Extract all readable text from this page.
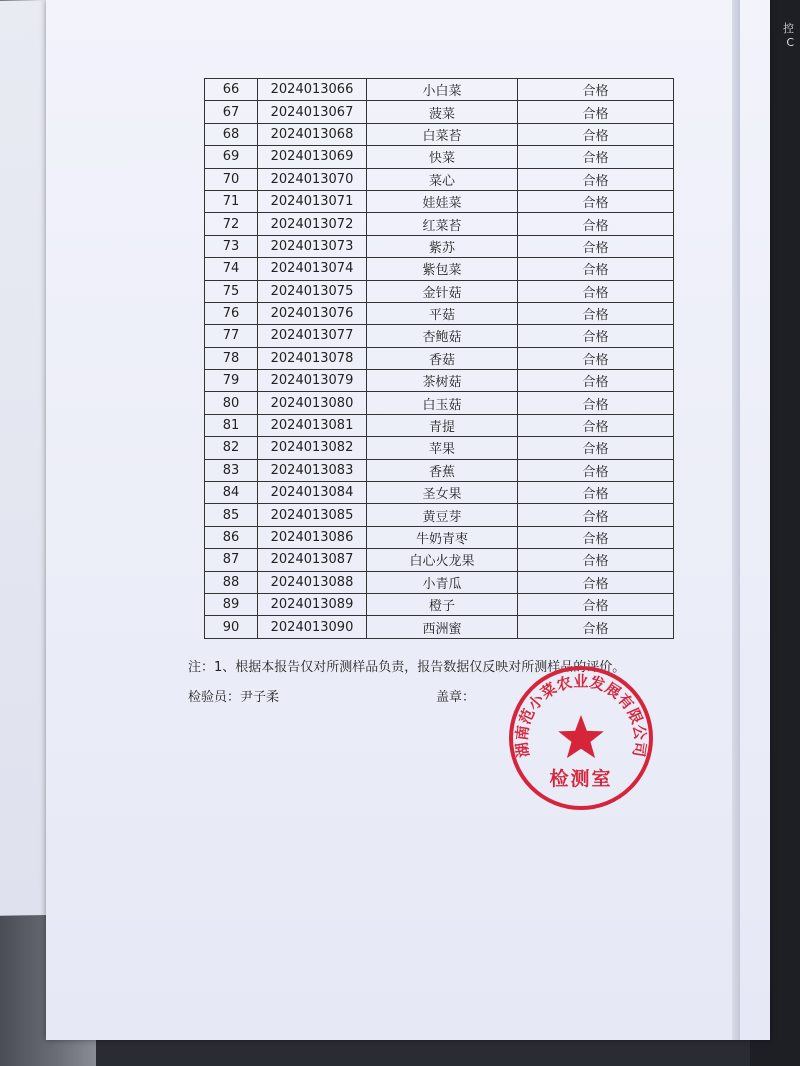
控
C
66	2024013066	小白菜	合格
67	2024013067	菠菜	合格
68	2024013068	白菜苔	合格
69	2024013069	快菜	合格
70	2024013070	菜心	合格
71	2024013071	娃娃菜	合格
72	2024013072	红菜苔	合格
73	2024013073	紫苏	合格
74	2024013074	紫包菜	合格
75	2024013075	金针菇	合格
76	2024013076	平菇	合格
77	2024013077	杏鲍菇	合格
78	2024013078	香菇	合格
79	2024013079	茶树菇	合格
80	2024013080	白玉菇	合格
81	2024013081	青提	合格
82	2024013082	苹果	合格
83	2024013083	香蕉	合格
84	2024013084	圣女果	合格
85	2024013085	黄豆芽	合格
86	2024013086	牛奶青枣	合格
87	2024013087	白心火龙果	合格
88	2024013088	小青瓜	合格
89	2024013089	橙子	合格
90	2024013090	西洲蜜	合格
注：1、根据本报告仅对所测样品负责，报告数据仅反映对所测样品的评价。
检验员：尹子柔	盖章：
湖南范小菜农业发展有限公司
检测室
